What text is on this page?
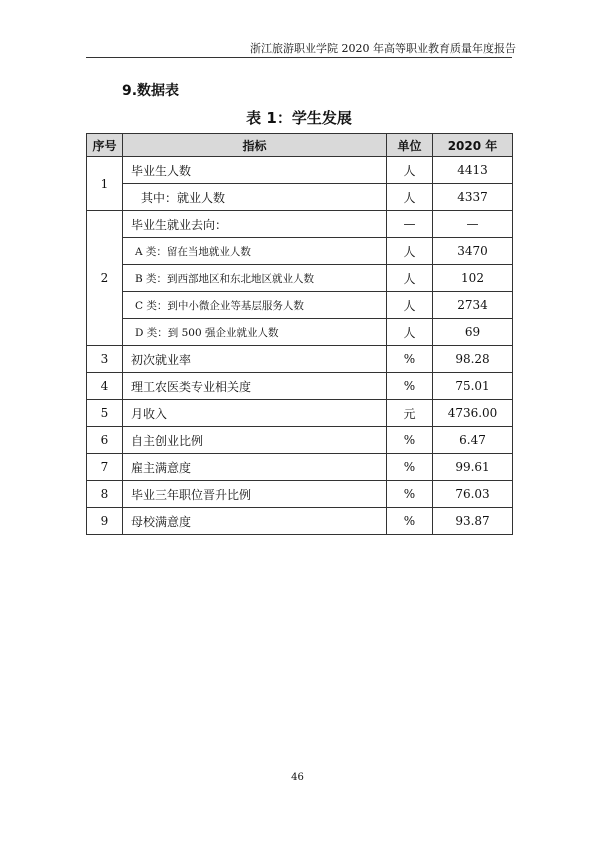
浙江旅游职业学院 2020 年高等职业教育质量年度报告
9.数据表
表 1：学生发展
序号	指标	单位	2020 年
1	毕业生人数	人	4413
	其中：就业人数	人	4337
2	毕业生就业去向：	—	—
	A 类：留在当地就业人数	人	3470
	B 类：到西部地区和东北地区就业人数	人	102
	C 类：到中小微企业等基层服务人数	人	2734
	D 类：到 500 强企业就业人数	人	69
3	初次就业率	%	98.28
4	理工农医类专业相关度	%	75.01
5	月收入	元	4736.00
6	自主创业比例	%	6.47
7	雇主满意度	%	99.61
8	毕业三年职位晋升比例	%	76.03
9	母校满意度	%	93.87
46
